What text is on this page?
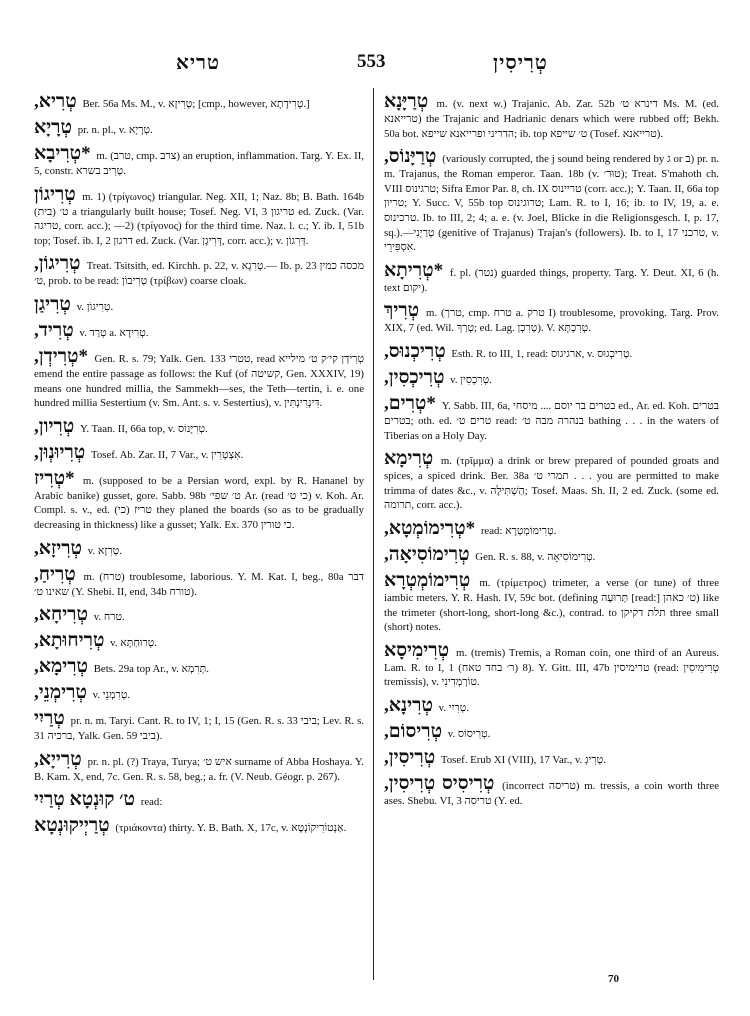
טריא	553	טְרִיסִין

טְרִיא, Ber. 56a Ms. M., v. טְרִיזָא; [cmp., however, טְרִידָתָא.]

טְרָיָא pr. n. pl., v. טְרָיָא.

*טְרִיבָא m. (טרב, cmp. צרב) an eruption, inflammation. Targ. Y. Ex. II, 5, constr. טְרִיב בשרא.

טְרִיגוֹן m. 1) (τρίγωνος) triangular. Neg. XII, 1; Naz. 8b; B. Bath. 164b (בית) ט׳ a triangularly built house; Tosef. Neg. VI, 3 טריגון ed. Zuck. (Var. טריגה, corr. acc.); —2) (τρίγονος) for the third time. Naz. l. c.; Y. ib. I, 51b top; Tosef. ib. I, 2 דרגון ed. Zuck. (Var. דְּרִיגָן, corr. acc.); v. דְּרִגוֹן.

טְרִיגוֹן, Treat. Tsitsith, ed. Kirchh. p. 22, v. טְרִגָא.— Ib. p. 23 מכסה כמין ט׳, prob. to be read: טְרִיבוֹן (τρίβων) coarse cloak.

טְרִיגַן v. טְרִיגוֹן.

טְרִיד, v. טְרַד a. טְרִידָא.

*טְרִידְן, Gen. R. s. 79; Yalk. Gen. 133 טטרי, read טְרִידְן קי׳ק ט׳ מילייא emend the entire passage as follows: the Kuf (of קשיטה, Gen. XXXIV, 19) means one hundred millia, the Sammekh—ses, the Teth—tertin, i. e. one hundred millia Sestertium (v. Sm. Ant. s. v. Sestertius), v. דִּינְרִינְתִּין.

טְרִיון, Y. Taan. II, 66a top, v. טְרִיָּנוֹס.

טְרִיוּנְוּן, Tosef. Ab. Zar. II, 7 Var., v. אִצְטְרִין.

*טְרִיז m. (supposed to be a Persian word, expl. by R. Hananel by Arabic banike) gusset, gore. Sabb. 98b ט׳ שפי׳ Ar. (read כי ט׳) v. Koh. Ar. Compl. s. v., ed. טריז (כי) they planed the boards (so as to be gradually decreasing in thickness) like a gusset; Yalk. Ex. 370 כי טורין.

טְרִיזָא, v. טְרִזָא.

טְרִיחַ, m. (טרח) troublesome, laborious. Y. M. Kat. I, beg., 80a דבר שאינו ט׳ (Y. Shebi. II, end, 34b טורח).

טְרִיחָא, v. טרח.

טְרִיחוּתָא, v. טְרוּחַתָּא.

טְרִימָא, Bets. 29a top Ar., v. תְּרִמְא.

טְרִימְנֵי, v. טְרִמְנֵי.

טְרַיִי pr. n. m. Taryi. Cant. R. to IV, 1; I, 15 (Gen. R. s. 33 ביבי; Lev. R. s. 31 ברכיה, Yalk. Gen. 59 ביבי).

טְרִייָא, pr. n. pl. (?) Traya, Turya; איש ט׳ surname of Abba Hoshaya. Y. B. Kam. X, end, 7c. Gen. R. s. 58, beg.; a. fr. (V. Neub. Géogr. p. 267).

ט׳ קוּנְטָא טְרַיִי read:

טְרַיְיקוּנְטָא (τριάκοντα) thirty. Y. B. Bath. X, 17c, v. אַנְטוֹרִיקוֹנְטָא.

טְרַיָּנָא m. (v. next w.) Trajanic. Ab. Zar. 52b דינרא ט׳ Ms. M. (ed. טרייאנא) the Trajanic and Hadrianic denars which were rubbed off; Bekh. 50a bot. הדריני ופרייאנא שייפא; ib. top ט׳ שייפא (Tosef. טרייאנא).

טְרַיָּנוֹס, (variously corrupted, the j sound being rendered by ג or ב) pr. n. m. Trajanus, the Roman emperor. Taan. 18b (v. טוּר׳); Treat. S'mahoth ch. VIII טרגינוס; Sifra Emor Par. 8, ch. IX טריינוס (corr. acc.); Y. Taan. II, 66a top טריון; Y. Succ. V, 55b top טרוגינוס; Lam. R. to I, 16; ib. to IV, 19, a. e. טרכינוס. Ib. to III, 2; 4; a. e. (v. Joel, Blicke in die Religionsgesch. I, p. 17, sq.).—טְרַיְנִי (genitive of Trajanus) Trajan's (followers). Ib. to I, 17 טרכני, v. אִסְפִּירֵי.

*טְרִיתָא f. pl. (נטר) guarded things, property. Targ. Y. Deut. XI, 6 (h. text יקום).

טְרִיךְ m. (טרך, cmp. טרח a. טרק I) troublesome, provoking. Targ. Prov. XIX, 7 (ed. Wil. טְרַךְ; ed. Lag. טְרִכְן). V. טְרִכְתָּא.

טְרִיכְנוּס, Esth. R. to III, 1, read: ארגיגוס, v. טְרִיכְגוּס.

טְרִיכְסִין, v. טְרִכְסִין.

*טְרִים, Y. Sabb. III, 6a, בטרים בר יוסם .... מיסחי ed., Ar. ed. Koh. בטרים בטרים; oth. ed. טרים ט׳ read: בנהרה מבה ט׳ bathing . . . in the waters of Tiberias on a Holy Day.

טְרִימָא m. (τρῖμμα) a drink or brew prepared of pounded groats and spices, a spiced drink. Ber. 38a תמרי ט׳ . . . you are permitted to make trimma of dates &c., v. הַשְׁתִּילָה; Tosef. Maas. Sh. II, 2 ed. Zuck. (some ed. תרומה, corr. acc.).

*טְרִימוֹמְטָא, read: טְרִימוֹמְטְרָא.

טְרִימוֹסִיאָה, Gen. R. s. 88, v. טְרִימוֹסִיאָה.

טְרִימוֹמְטְרָא m. (τρίμετρος) trimeter, a verse (or tune) of three iambic meters. Y. R. Hash. IV, 59c bot. (defining תְּרוּעָה [read:] ט׳ כאהן) like the trimeter (short-long, short-long &c.), contrad. to תלת דקיקן three small (short) notes.

טְרִימִיסָא m. (tremis) Tremis, a Roman coin, one third of an Aureus. Lam. R. to I, 1 (ר׳ בחד טאח) 8). Y. Gitt. III, 47b טרימיסין (read: טְרִימִיסִין tremissis), v. טוֹרְמְדִינִי.

טְרִינָא, v. טְרִיִי.

טְרִיסוֹם, v. טְרִיסוֹס.

טְרִיסִין, Tosef. Erub XI (VIII), 17 Var., v. טְרִיגְ.

טְרִיסִיס טְרִיסִין, (incorrect טריסה) m. tressis, a coin worth three ases. Shebu. VI, 3 טריסה (Y. ed.

70
